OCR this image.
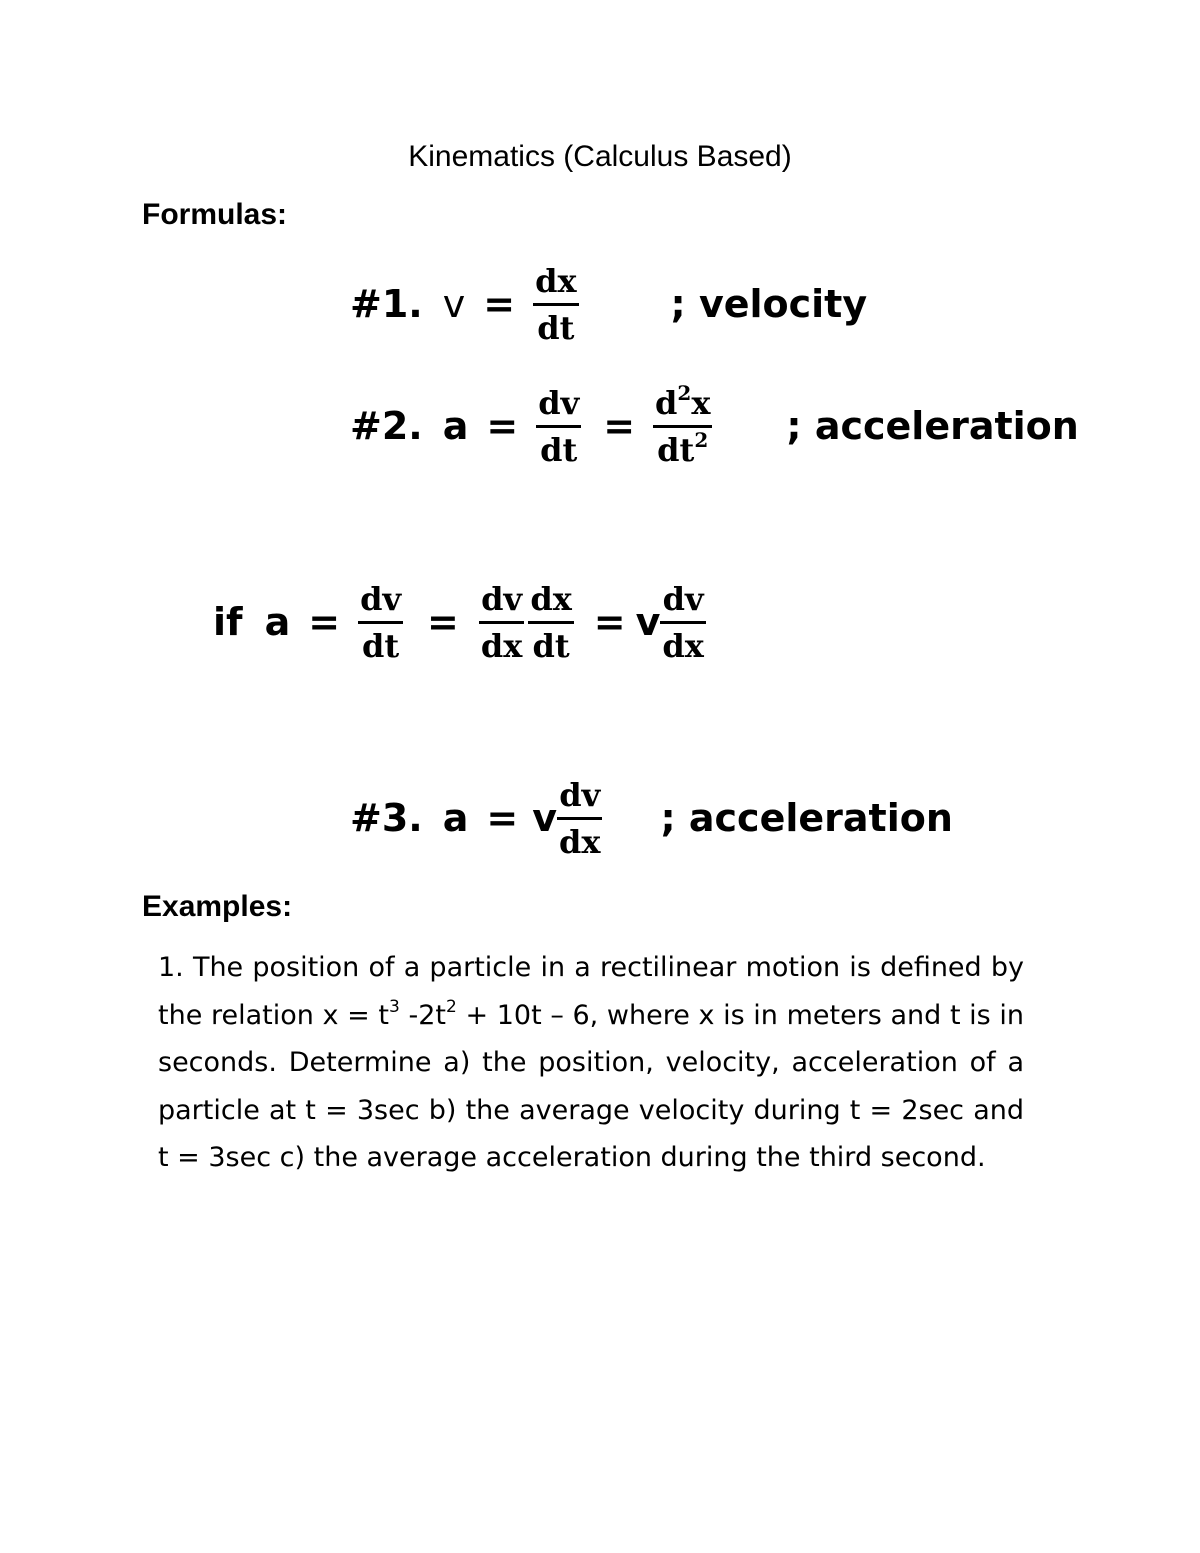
Kinematics (Calculus Based)
Formulas:
#1. $v = \frac{dx}{dt}$ ; velocity
#2. $a = \frac{dv}{dt} = \frac{d^2x}{dt^2}$ ; acceleration
if $a = \frac{dv}{dt} = \frac{dv}{dx} \frac{dx}{dt} = v \frac{dv}{dx}$
#3. a = v $\frac{dv}{dx}$ ; acceleration
Examples:
1. The position of a particle in a rectilinear motion is defined by the relation $x = t^3$ $-2t^2 + 10t - 6$, where x is in meters and t is in seconds. Determine a) the position, velocity, acceleration of a particle at t = 3sec b) the average velocity during t = 2sec and t = 3sec c) the average acceleration during the third second.
